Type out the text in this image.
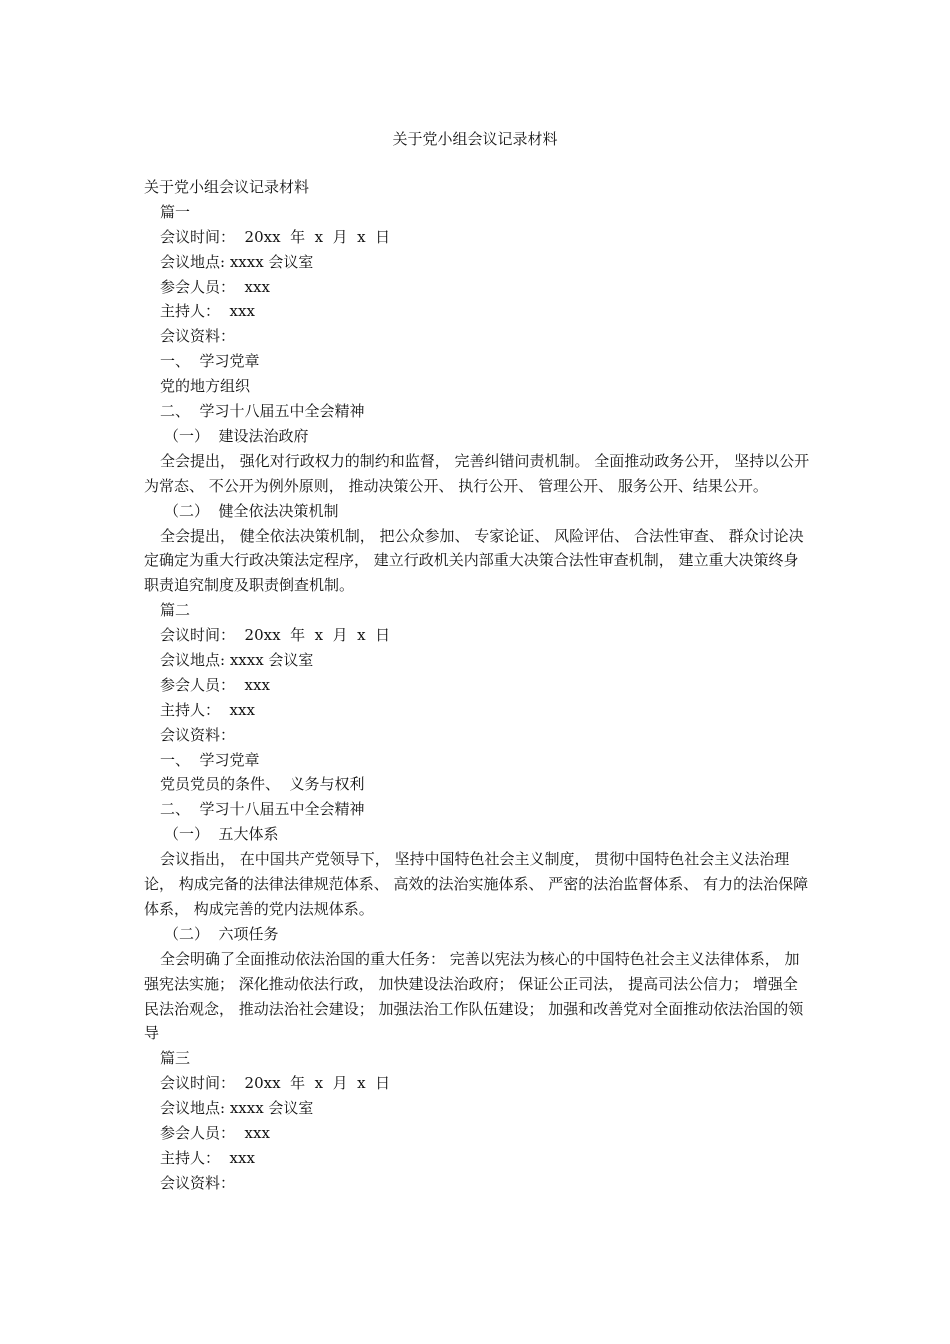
关于党小组会议记录材料
关于党小组会议记录材料
篇一
会议时间：  20xx  年  x  月  x  日
会议地点: xxxx 会议室
参会人员：  xxx
主持人：  xxx
会议资料：
一、  学习党章
党的地方组织
二、  学习十八届五中全会精神
（一）  建设法治政府
全会提出， 强化对行政权力的制约和监督， 完善纠错问责机制。 全面推动政务公开， 坚持以公开为常态、 不公开为例外原则， 推动决策公开、 执行公开、 管理公开、 服务公开、结果公开。
（二）  健全依法决策机制
全会提出， 健全依法决策机制， 把公众参加、 专家论证、 风险评估、 合法性审查、 群众讨论决定确定为重大行政决策法定程序， 建立行政机关内部重大决策合法性审查机制， 建立重大决策终身职责追究制度及职责倒查机制。
篇二
会议时间：  20xx  年  x  月  x  日
会议地点: xxxx 会议室
参会人员：  xxx
主持人：  xxx
会议资料：
一、  学习党章
党员党员的条件、  义务与权利
二、  学习十八届五中全会精神
（一）  五大体系
会议指出， 在中国共产党领导下， 坚持中国特色社会主义制度， 贯彻中国特色社会主义法治理论， 构成完备的法律法律规范体系、 高效的法治实施体系、 严密的法治监督体系、 有力的法治保障体系， 构成完善的党内法规体系。
（二）  六项任务
全会明确了全面推动依法治国的重大任务： 完善以宪法为核心的中国特色社会主义法律体系， 加强宪法实施； 深化推动依法行政， 加快建设法治政府； 保证公正司法， 提高司法公信力； 增强全民法治观念， 推动法治社会建设； 加强法治工作队伍建设； 加强和改善党对全面推动依法治国的领导
篇三
会议时间：  20xx  年  x  月  x  日
会议地点: xxxx 会议室
参会人员：  xxx
主持人：  xxx
会议资料：
